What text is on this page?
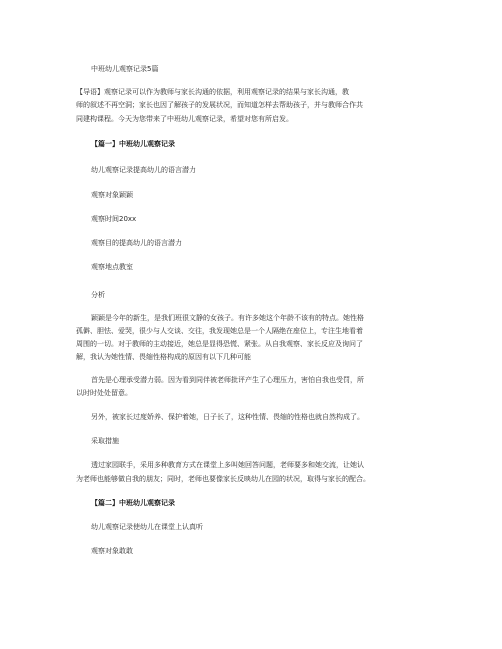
中班幼儿观察记录5篇
【导语】观察记录可以作为教师与家长沟通的依据，利用观察记录的结果与家长沟通，教
师的叙述不再空洞；家长也因了解孩子的发展状况，而知道怎样去帮助孩子，并与教师合作共
同建构课程。今天为您带来了中班幼儿观察记录，希望对您有所启发。
【篇一】中班幼儿观察记录
幼儿观察记录提高幼儿的语言潜力
观察对象颖颖
观察时间20xx
观察目的提高幼儿的语言潜力
观察地点教室
分析
颖颖是今年的新生，是我们班很文静的女孩子。有许多她这个年龄不该有的特点。她性格
孤僻、胆怯、爱哭，很少与人交谈、交往，我发现她总是一个人隔绝在座位上，专注生地看着
周围的一切。对于教师的主动接近，她总是显得恐慌、紧张。从自我观察、家长反应及询问了
解，我认为她性情、畏缩性格构成的原因有以下几种可能
首先是心理承受潜力弱。因为看到同伴被老师批评产生了心理压力，害怕自我也受罚，所
以时时处处留意。
另外，被家长过度娇养、保护着她，日子长了，这种性情、畏缩的性格也就自然构成了。
采取措施
透过家园联手，采用多种教育方式在课堂上多叫她回答问题，老师要多和她交流，让她认
为老师也能够做自我的朋友；同时，老师也要像家长反映幼儿在园的状况，取得与家长的配合。
【篇二】中班幼儿观察记录
幼儿观察记录使幼儿在课堂上认真听
观察对象敢敢
